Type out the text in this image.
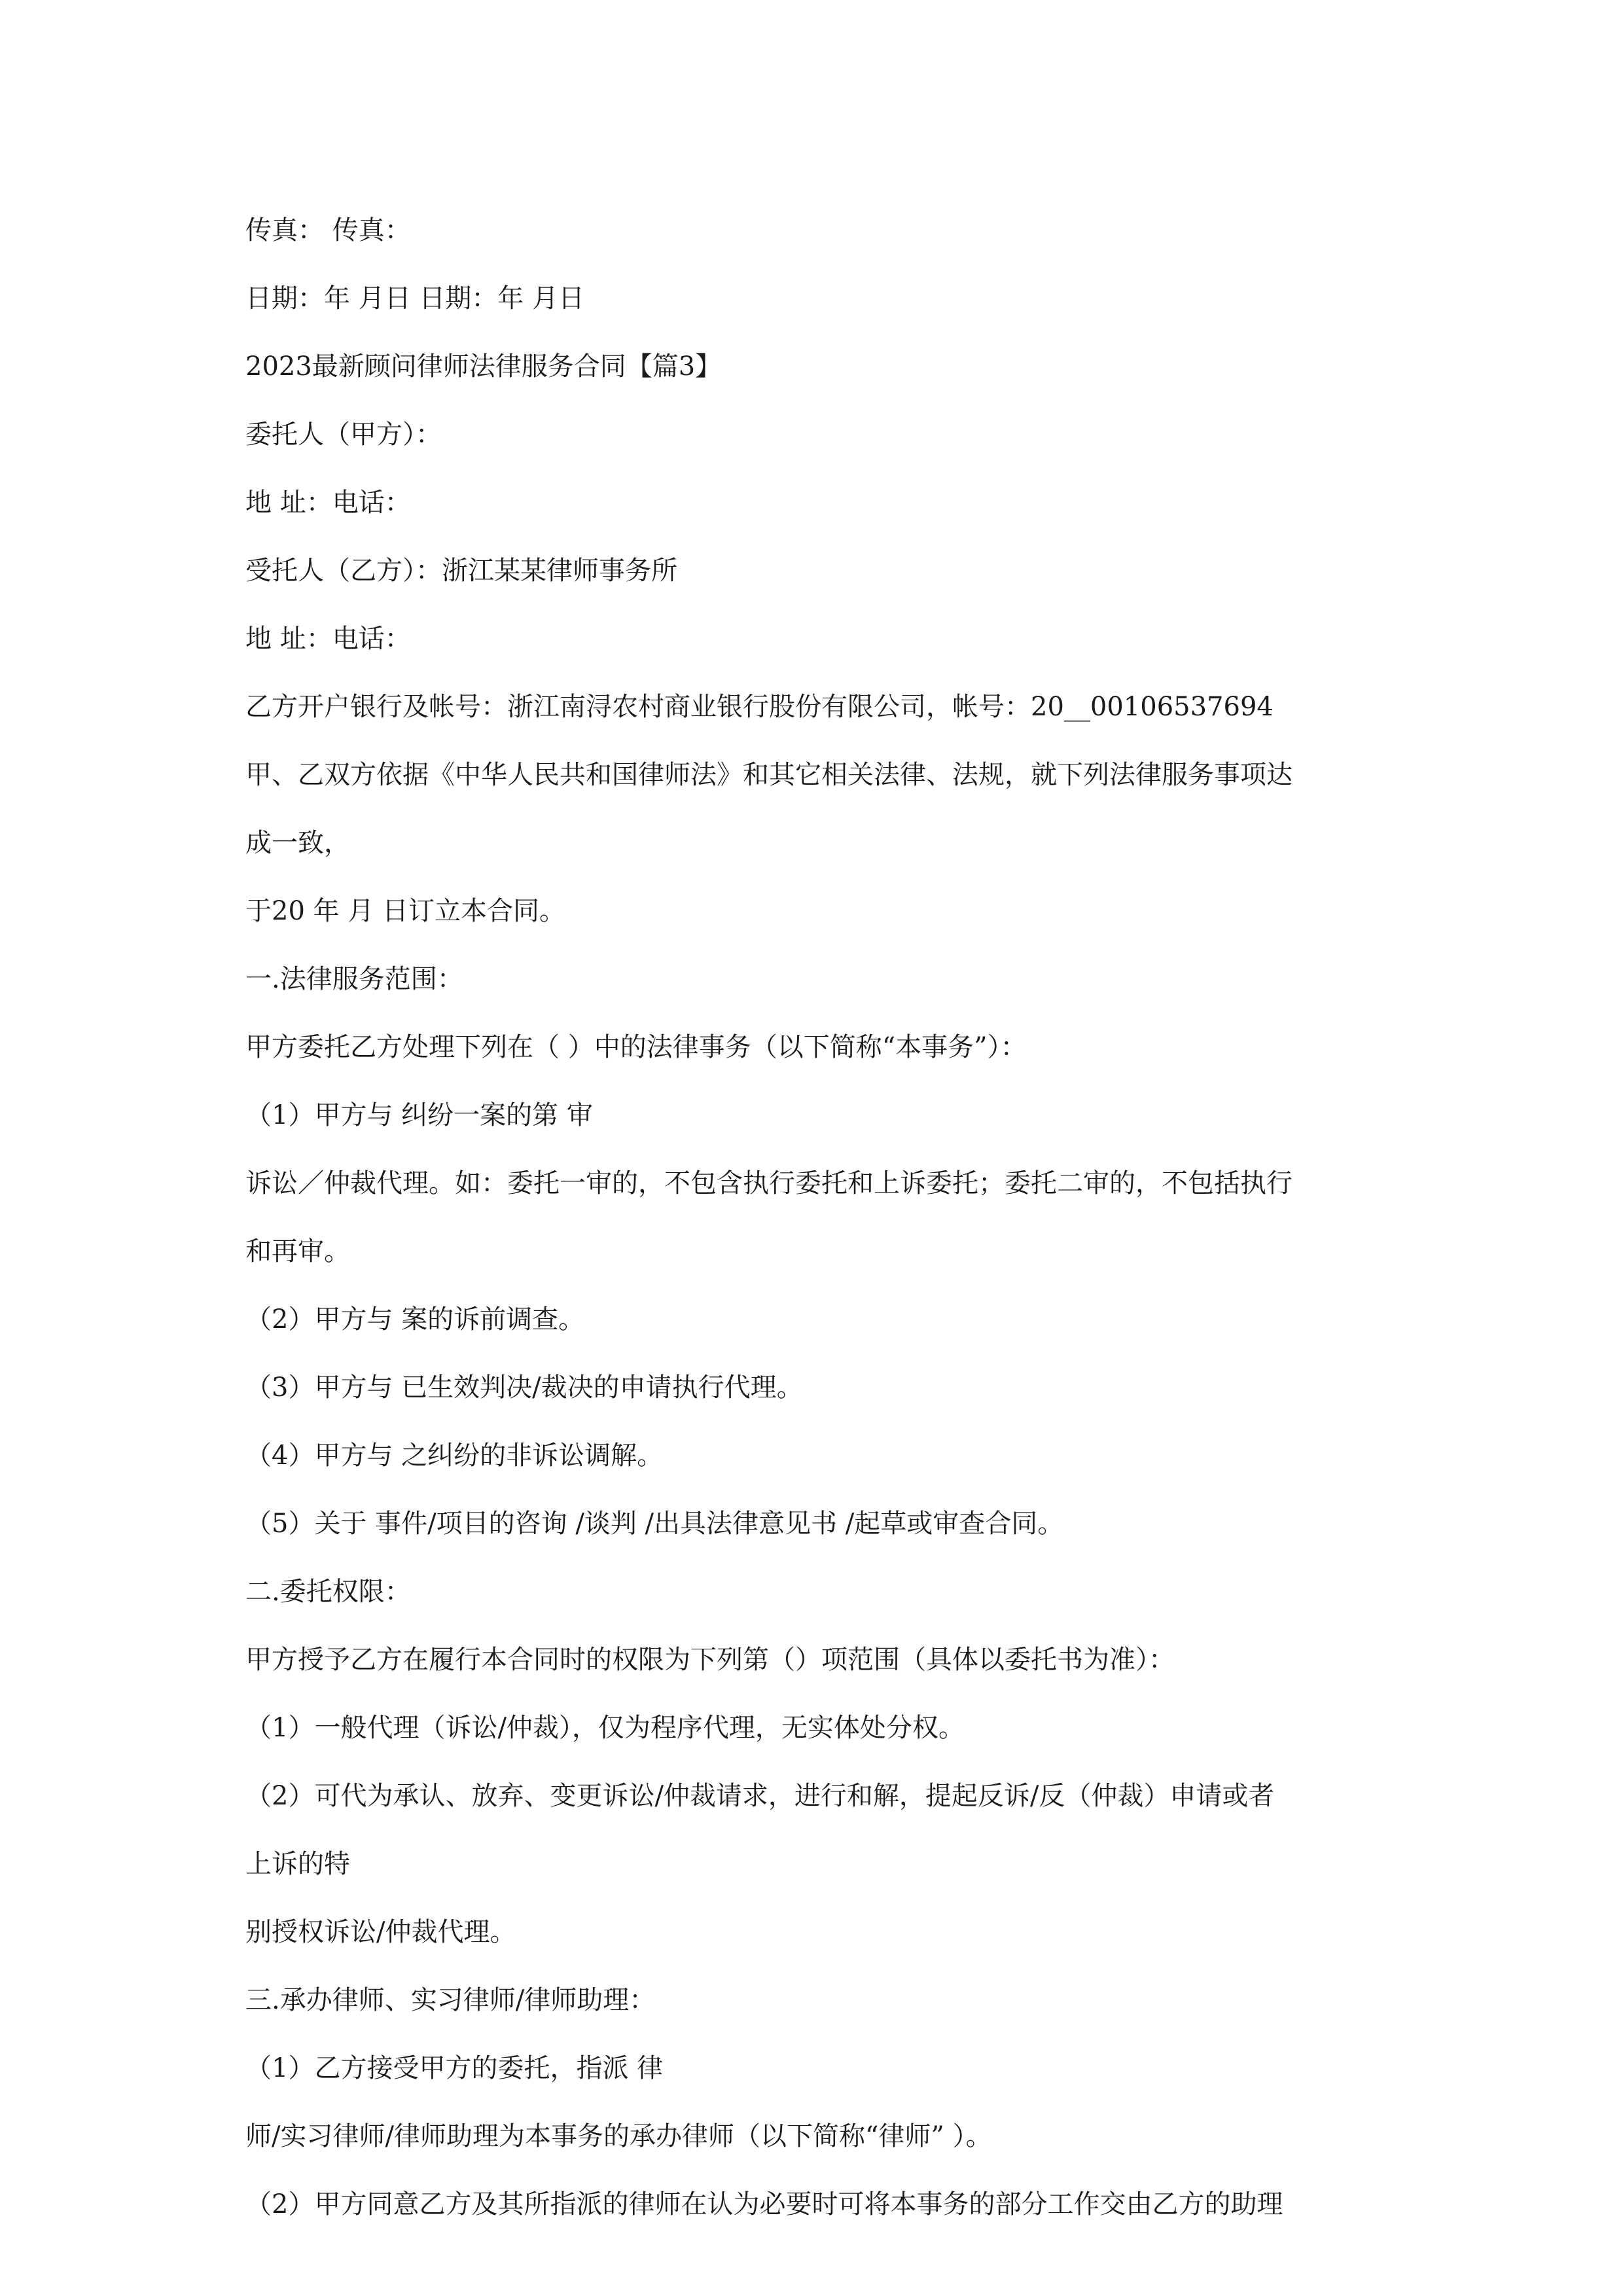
传真： 传真：

日期：年 月日 日期：年 月日

2023最新顾问律师法律服务合同【篇3】

委托人（甲方）：

地 址：电话：

受托人（乙方）：浙江某某律师事务所

地 址：电话：

乙方开户银行及帐号：浙江南浔农村商业银行股份有限公司，帐号：20__00106537694

甲、乙双方依据《中华人民共和国律师法》和其它相关法律、法规，就下列法律服务事项达

成一致，

于20 年 月 日订立本合同。

一.法律服务范围：

甲方委托乙方处理下列在（ ）中的法律事务（以下简称“本事务”）：

（1）甲方与 纠纷一案的第 审

诉讼／仲裁代理。如：委托一审的，不包含执行委托和上诉委托；委托二审的，不包括执行

和再审。

（2）甲方与 案的诉前调查。

（3）甲方与 已生效判决/裁决的申请执行代理。

（4）甲方与 之纠纷的非诉讼调解。

（5）关于 事件/项目的咨询 /谈判 /出具法律意见书 /起草或审查合同。

二.委托权限：

甲方授予乙方在履行本合同时的权限为下列第（）项范围（具体以委托书为准）：

（1）一般代理（诉讼/仲裁），仅为程序代理，无实体处分权。

（2）可代为承认、放弃、变更诉讼/仲裁请求，进行和解，提起反诉/反（仲裁）申请或者

上诉的特

别授权诉讼/仲裁代理。

三.承办律师、实习律师/律师助理：

（1）乙方接受甲方的委托，指派 律

师/实习律师/律师助理为本事务的承办律师（以下简称“律师” ）。

（2）甲方同意乙方及其所指派的律师在认为必要时可将本事务的部分工作交由乙方的助理
